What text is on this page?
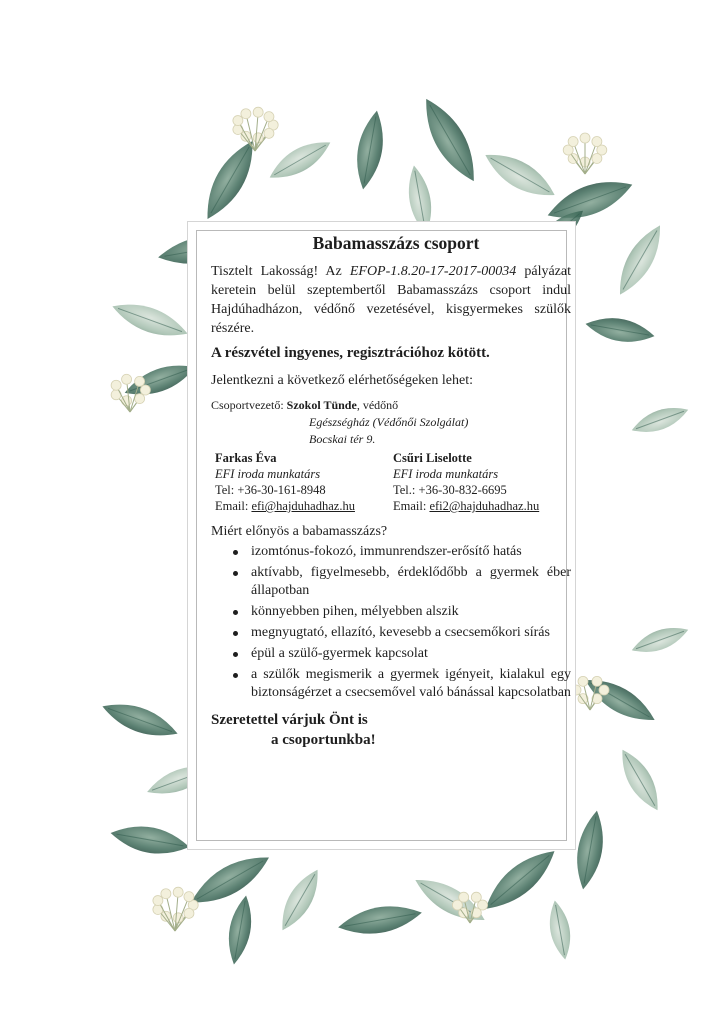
Babamasszázs csoport

Tisztelt Lakosság! Az EFOP-1.8.20-17-2017-00034 pályázat keretein belül szeptembertől Babamasszázs csoport indul Hajdúhadházon, védőnő vezetésével, kisgyermekes szülők részére.

A részvétel ingyenes, regisztrációhoz kötött.

Jelentkezni a következő elérhetőségeken lehet:

Csoportvezető: Szokol Tünde, védőnő
Egészségház (Védőnői Szolgálat)
Bocskai tér 9.
Farkas Éva
EFI iroda munkatárs
Tel: +36-30-161-8948
Email: efi@hajduhadhaz.hu
Csűri Liselotte
EFI iroda munkatárs
Tel.: +36-30-832-6695
Email: efi2@hajduhadhaz.hu

Miért előnyös a babamasszázs?

izomtónus-fokozó, immunrendszer-erősítő hatás
aktívabb, figyelmesebb, érdeklődőbb a gyermek éber állapotban
könnyebben pihen, mélyebben alszik
megnyugtató, ellazító, kevesebb a csecsemőkori sírás
épül a szülő-gyermek kapcsolat
a szülők megismerik a gyermek igényeit, kialakul egy biztonságérzet a csecsemővel való bánással kapcsolatban
Szeretettel várjuk Önt is
a csoportunkba!
